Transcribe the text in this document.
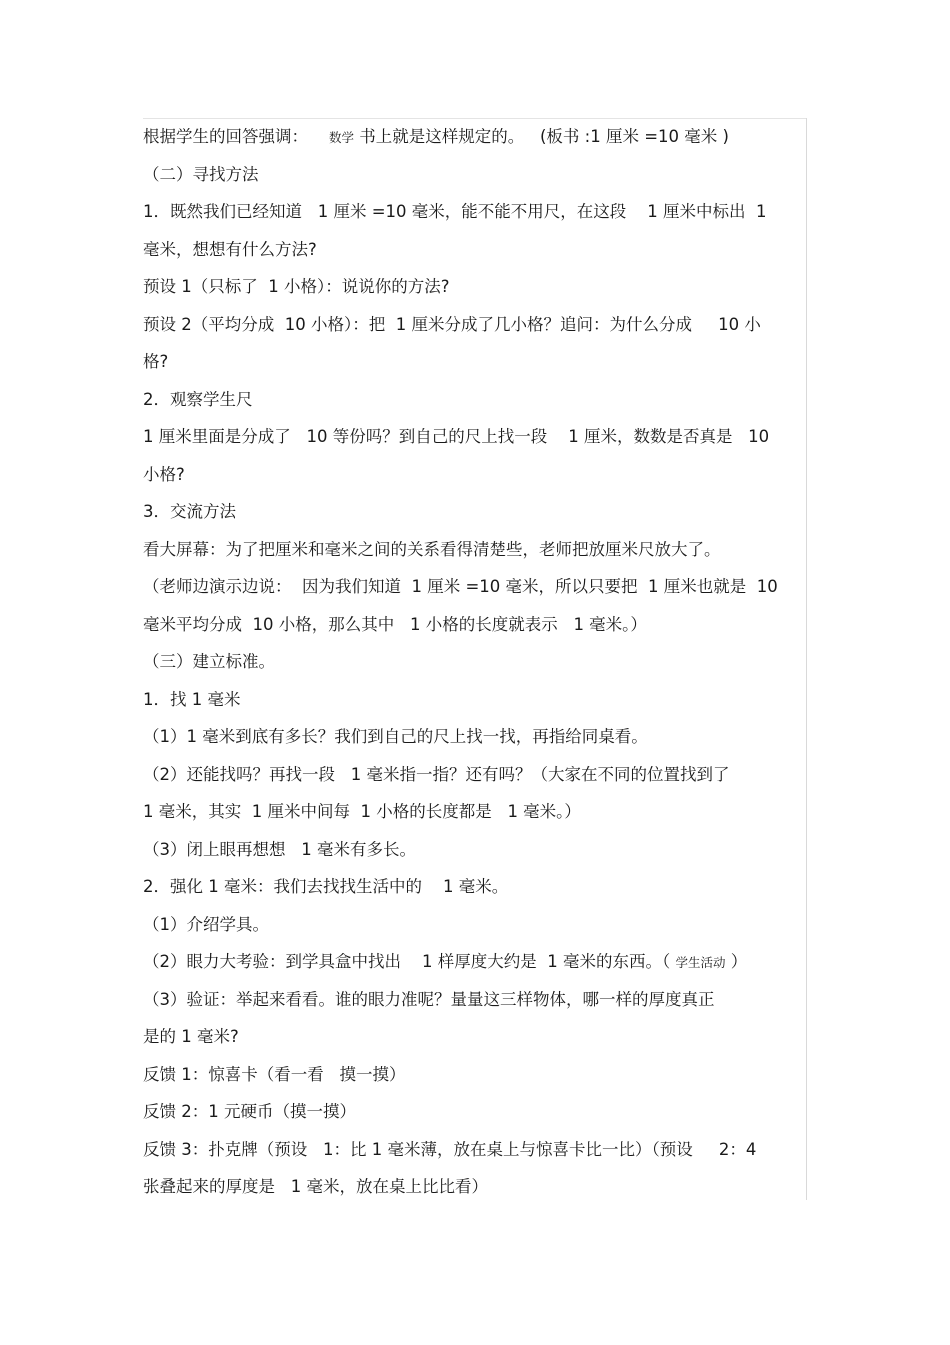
根据学生的回答强调：    数学 书上就是这样规定的。   (板书 :1 厘米 =10 毫米 )
（二）寻找方法
1．既然我们已经知道   1 厘米 =10 毫米，能不能不用尺，在这段    1 厘米中标出  1
毫米，想想有什么方法?
预设 1（只标了  1 小格）：说说你的方法?
预设 2（平均分成  10 小格）：把  1 厘米分成了几小格？追问：为什么分成     10 小
格?
2．观察学生尺
1 厘米里面是分成了   10 等份吗？到自己的尺上找一段    1 厘米，数数是否真是   10
小格?
3．交流方法
看大屏幕：为了把厘米和毫米之间的关系看得清楚些，老师把放厘米尺放大了。
（老师边演示边说：  因为我们知道  1 厘米 =10 毫米，所以只要把  1 厘米也就是  10
毫米平均分成  10 小格，那么其中   1 小格的长度就表示   1 毫米。）
（三）建立标准。
1．找 1 毫米
（1）1 毫米到底有多长？我们到自己的尺上找一找，再指给同桌看。
（2）还能找吗？再找一段   1 毫米指一指？还有吗？（大家在不同的位置找到了
1 毫米，其实  1 厘米中间每  1 小格的长度都是   1 毫米。）
（3）闭上眼再想想   1 毫米有多长。
2．强化 1 毫米：我们去找找生活中的    1 毫米。
（1）介绍学具。
（2）眼力大考验：到学具盒中找出    1 样厚度大约是  1 毫米的东西。（ 学生活动 ）
（3）验证：举起来看看。谁的眼力准呢？量量这三样物体，哪一样的厚度真正
是的 1 毫米?
反馈 1：惊喜卡（看一看   摸一摸）
反馈 2：1 元硬币（摸一摸）
反馈 3：扑克牌（预设   1：比 1 毫米薄，放在桌上与惊喜卡比一比）（预设     2：4
张叠起来的厚度是   1 毫米，放在桌上比比看）
